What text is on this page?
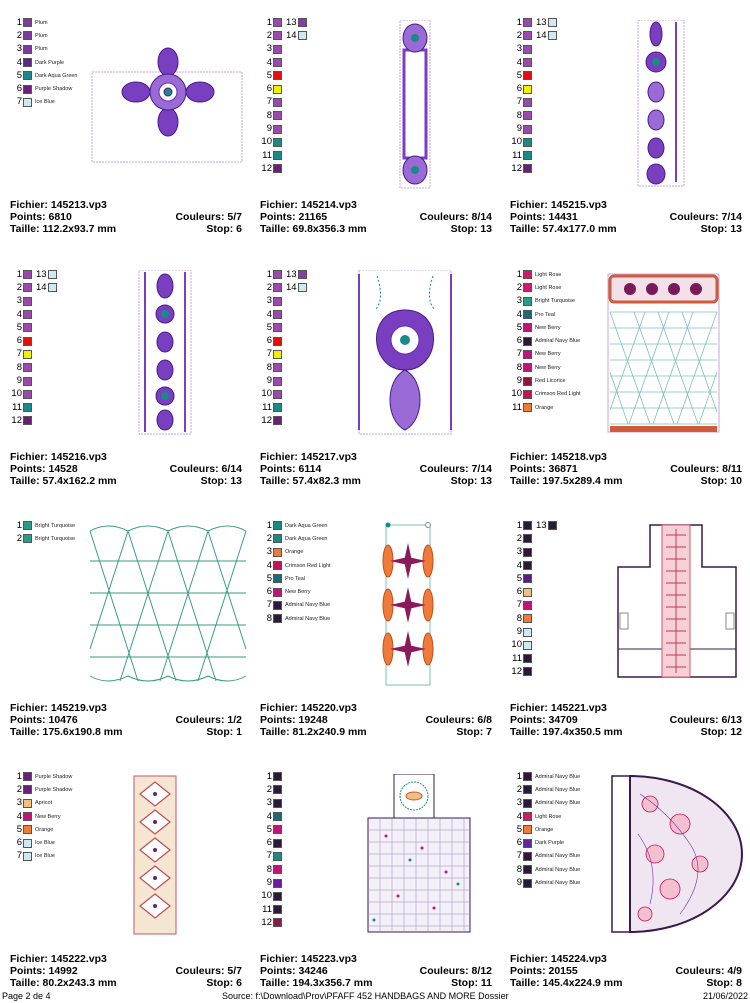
1 Plum
2 Plum
3 Plum
4 Dark Purple
5 Dark Aqua Green
6 Purple Shadow
7 Ice Blue
Fichier: 145213.vp3
Points: 6810	Couleurs: 5/7
Taille: 112.2x93.7 mm	Stop: 6
1 13
2 14
3
4
5
6
7
8
9
10
11
12
Fichier: 145214.vp3
Points: 21165	Couleurs: 8/14
Taille: 69.8x356.3 mm	Stop: 13
1 13
2 14
3
4
5
6
7
8
9
10
11
12
Fichier: 145215.vp3
Points: 14431	Couleurs: 7/14
Taille: 57.4x177.0 mm	Stop: 13
1 13
2 14
3
4
5
6
7
8
9
10
11
12
Fichier: 145216.vp3
Points: 14528	Couleurs: 6/14
Taille: 57.4x162.2 mm	Stop: 13
1 13
2 14
3
4
5
6
7
8
9
10
11
12
Fichier: 145217.vp3
Points: 6114	Couleurs: 7/14
Taille: 57.4x82.3 mm	Stop: 13
1 Light Rose
2 Light Rose
3 Bright Turquoise
4 Pro Teal
5 New Berry
6 Admiral Navy Blue
7 New Berry
8 New Berry
9 Red Licorice
10 Crimson Red Light
11 Orange
Fichier: 145218.vp3
Points: 36871	Couleurs: 8/11
Taille: 197.5x289.4 mm	Stop: 10
1 Bright Turquoise
2 Bright Turquoise
Fichier: 145219.vp3
Points: 10476	Couleurs: 1/2
Taille: 175.6x190.8 mm	Stop: 1
1 Dark Aqua Green
2 Dark Aqua Green
3 Orange
4 Crimson Red Light
5 Pro Teal
6 New Berry
7 Admiral Navy Blue
8 Admiral Navy Blue
Fichier: 145220.vp3
Points: 19248	Couleurs: 6/8
Taille: 81.2x240.9 mm	Stop: 7
1 13
2
3
4
5
6
7
8
9
10
11
12
Fichier: 145221.vp3
Points: 34709	Couleurs: 6/13
Taille: 197.4x350.5 mm	Stop: 12
1 Purple Shadow
2 Purple Shadow
3 Apricot
4 New Berry
5 Orange
6 Ice Blue
7 Ice Blue
Fichier: 145222.vp3
Points: 14992	Couleurs: 5/7
Taille: 80.2x243.3 mm	Stop: 6
1
2
3
4
5
6
7
8
9
10
11
12
Fichier: 145223.vp3
Points: 34246	Couleurs: 8/12
Taille: 194.3x356.7 mm	Stop: 11
1 Admiral Navy Blue
2 Admiral Navy Blue
3 Admiral Navy Blue
4 Light Rose
5 Orange
6 Dark Purple
7 Admiral Navy Blue
8 Admiral Navy Blue
9 Admiral Navy Blue
Fichier: 145224.vp3
Points: 20155	Couleurs: 4/9
Taille: 145.4x224.9 mm	Stop: 8
Page 2 de 4	Source: f:\Download\Prov\PFAFF 452 HANDBAGS AND MORE Dossier	21/06/2022
